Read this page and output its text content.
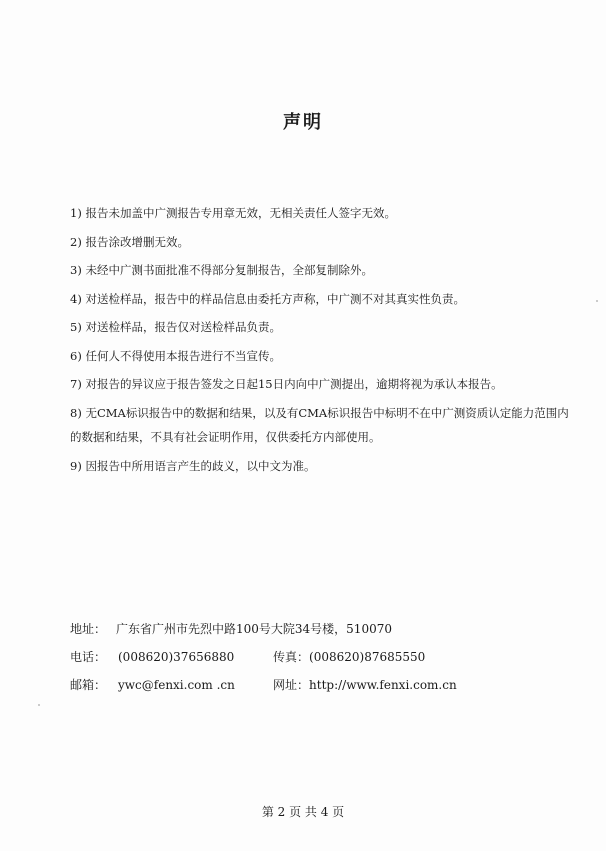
声明
1) 报告未加盖中广测报告专用章无效，无相关责任人签字无效。
2) 报告涂改增删无效。
3) 未经中广测书面批准不得部分复制报告，全部复制除外。
4) 对送检样品，报告中的样品信息由委托方声称，中广测不对其真实性负责。
5) 对送检样品，报告仅对送检样品负责。
6) 任何人不得使用本报告进行不当宣传。
7) 对报告的异议应于报告签发之日起15日内向中广测提出，逾期将视为承认本报告。
8) 无CMA标识报告中的数据和结果，以及有CMA标识报告中标明不在中广测资质认定能力范围内的数据和结果，不具有社会证明作用，仅供委托方内部使用。
9) 因报告中所用语言产生的歧义，以中文为准。
地址： 广东省广州市先烈中路100号大院34号楼，510070
电话： (008620)37656880	传真：(008620)87685550
邮箱： ywc@fenxi.com .cn	网址：http://www.fenxi.com.cn
第 2 页 共 4 页
